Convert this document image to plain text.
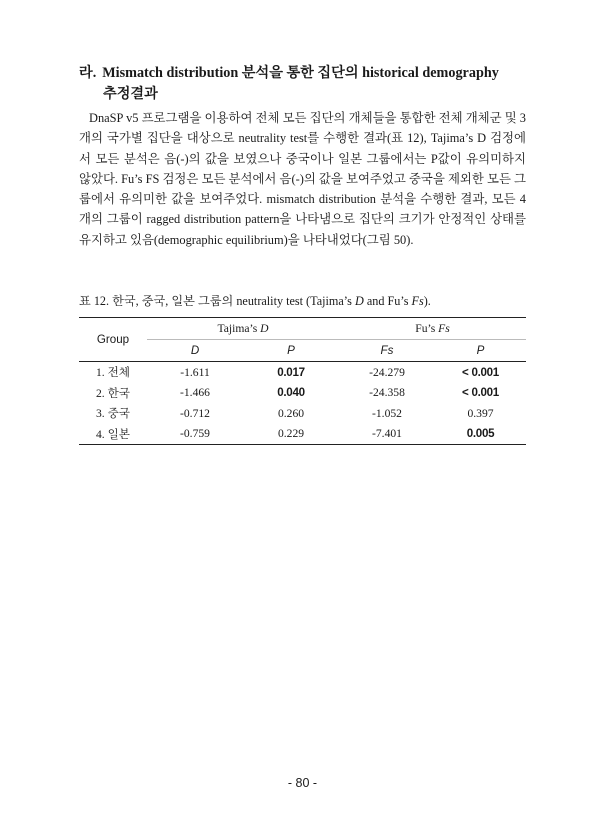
라. Mismatch distribution 분석을 통한 집단의 historical demography
추정결과

DnaSP v5 프로그램을 이용하여 전체 모든 집단의 개체들을 통합한 전체 개체군 및 3개의 국가별 집단을 대상으로 neutrality test를 수행한 결과(표 12), Tajima’s D 검정에서 모든 분석은 음(-)의 값을 보였으나 중국이나 일본 그룹에서는 P값이 유의미하지 않았다. Fu’s FS 검정은 모든 분석에서 음(-)의 값을 보여주었고 중국을 제외한 모든 그룹에서 유의미한 값을 보여주었다. mismatch distribution 분석을 수행한 결과, 모든 4개의 그룹이 ragged distribution pattern을 나타냄으로 집단의 크기가 안정적인 상태를 유지하고 있음(demographic equilibrium)을 나타내었다(그림 50).

표 12. 한국, 중국, 일본 그룹의 neutrality test (Tajima’s D and Fu’s Fs).

Group	Tajima’s D		Fu’s Fs	
	D	P	Fs	P
1. 전체	-1.611	0.017	-24.279	< 0.001
2. 한국	-1.466	0.040	-24.358	< 0.001
3. 중국	-0.712	0.260	-1.052	0.397
4. 일본	-0.759	0.229	-7.401	0.005

- 80 -
